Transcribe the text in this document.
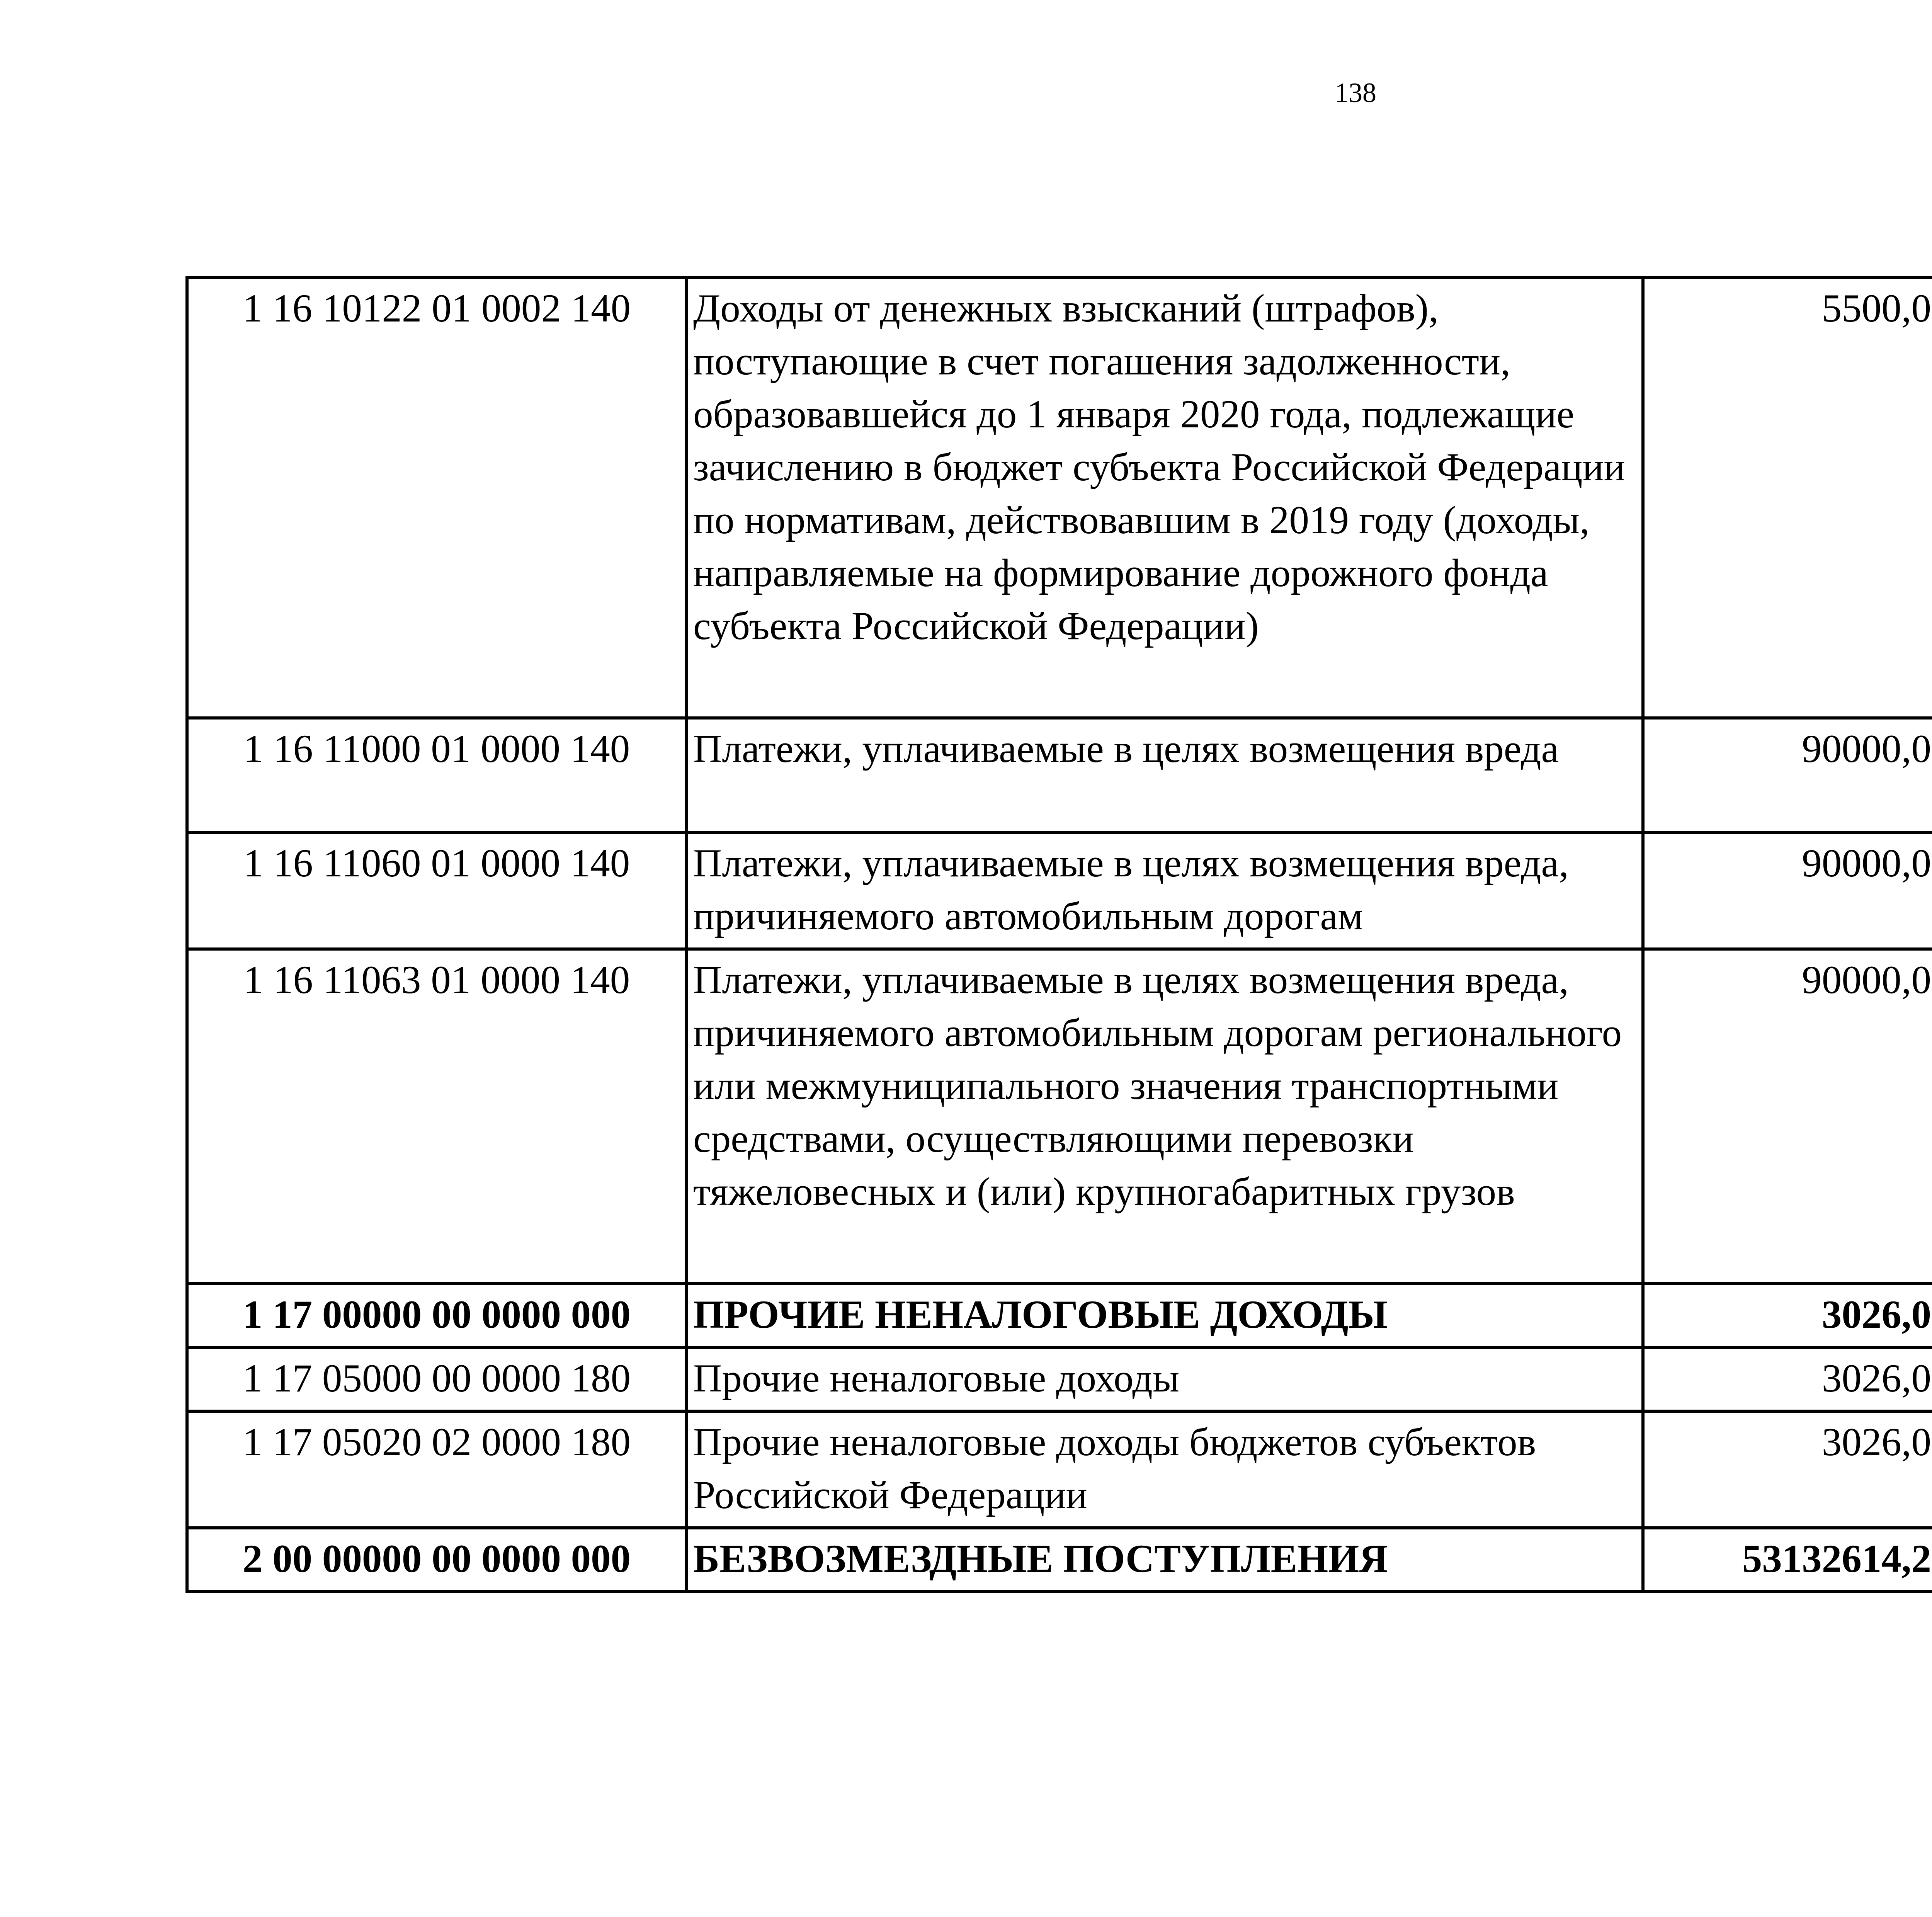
138
1 16 10122 01 0002 140	Доходы от денежных взысканий (штрафов), поступающие в счет погашения задолженности, образовавшейся до 1 января 2020 года, подлежащие зачислению в бюджет субъекта Российской Федерации по нормативам, действовавшим в 2019 году (доходы, направляемые на формирование дорожного фонда субъекта Российской Федерации)	5500,0		
1 16 11000 01 0000 140	Платежи, уплачиваемые в целях возмещения вреда	90000,0		
1 16 11060 01 0000 140	Платежи, уплачиваемые в целях возмещения вреда, причиняемого автомобильным дорогам	90000,0		
1 16 11063 01 0000 140	Платежи, уплачиваемые в целях возмещения вреда, причиняемого автомобильным дорогам регионального или межмуниципального значения транспортными средствами, осуществляющими перевозки тяжеловесных и (или) крупногабаритных грузов	90000,0		
1 17 00000 00 0000 000	ПРОЧИЕ НЕНАЛОГОВЫЕ ДОХОДЫ	3026,0		
1 17 05000 00 0000 180	Прочие неналоговые доходы	3026,0		
1 17 05020 02 0000 180	Прочие неналоговые доходы бюджетов субъектов Российской Федерации	3026,0		
2 00 00000 00 0000 000	БЕЗВОЗМЕЗДНЫЕ ПОСТУПЛЕНИЯ	53132614,2		
